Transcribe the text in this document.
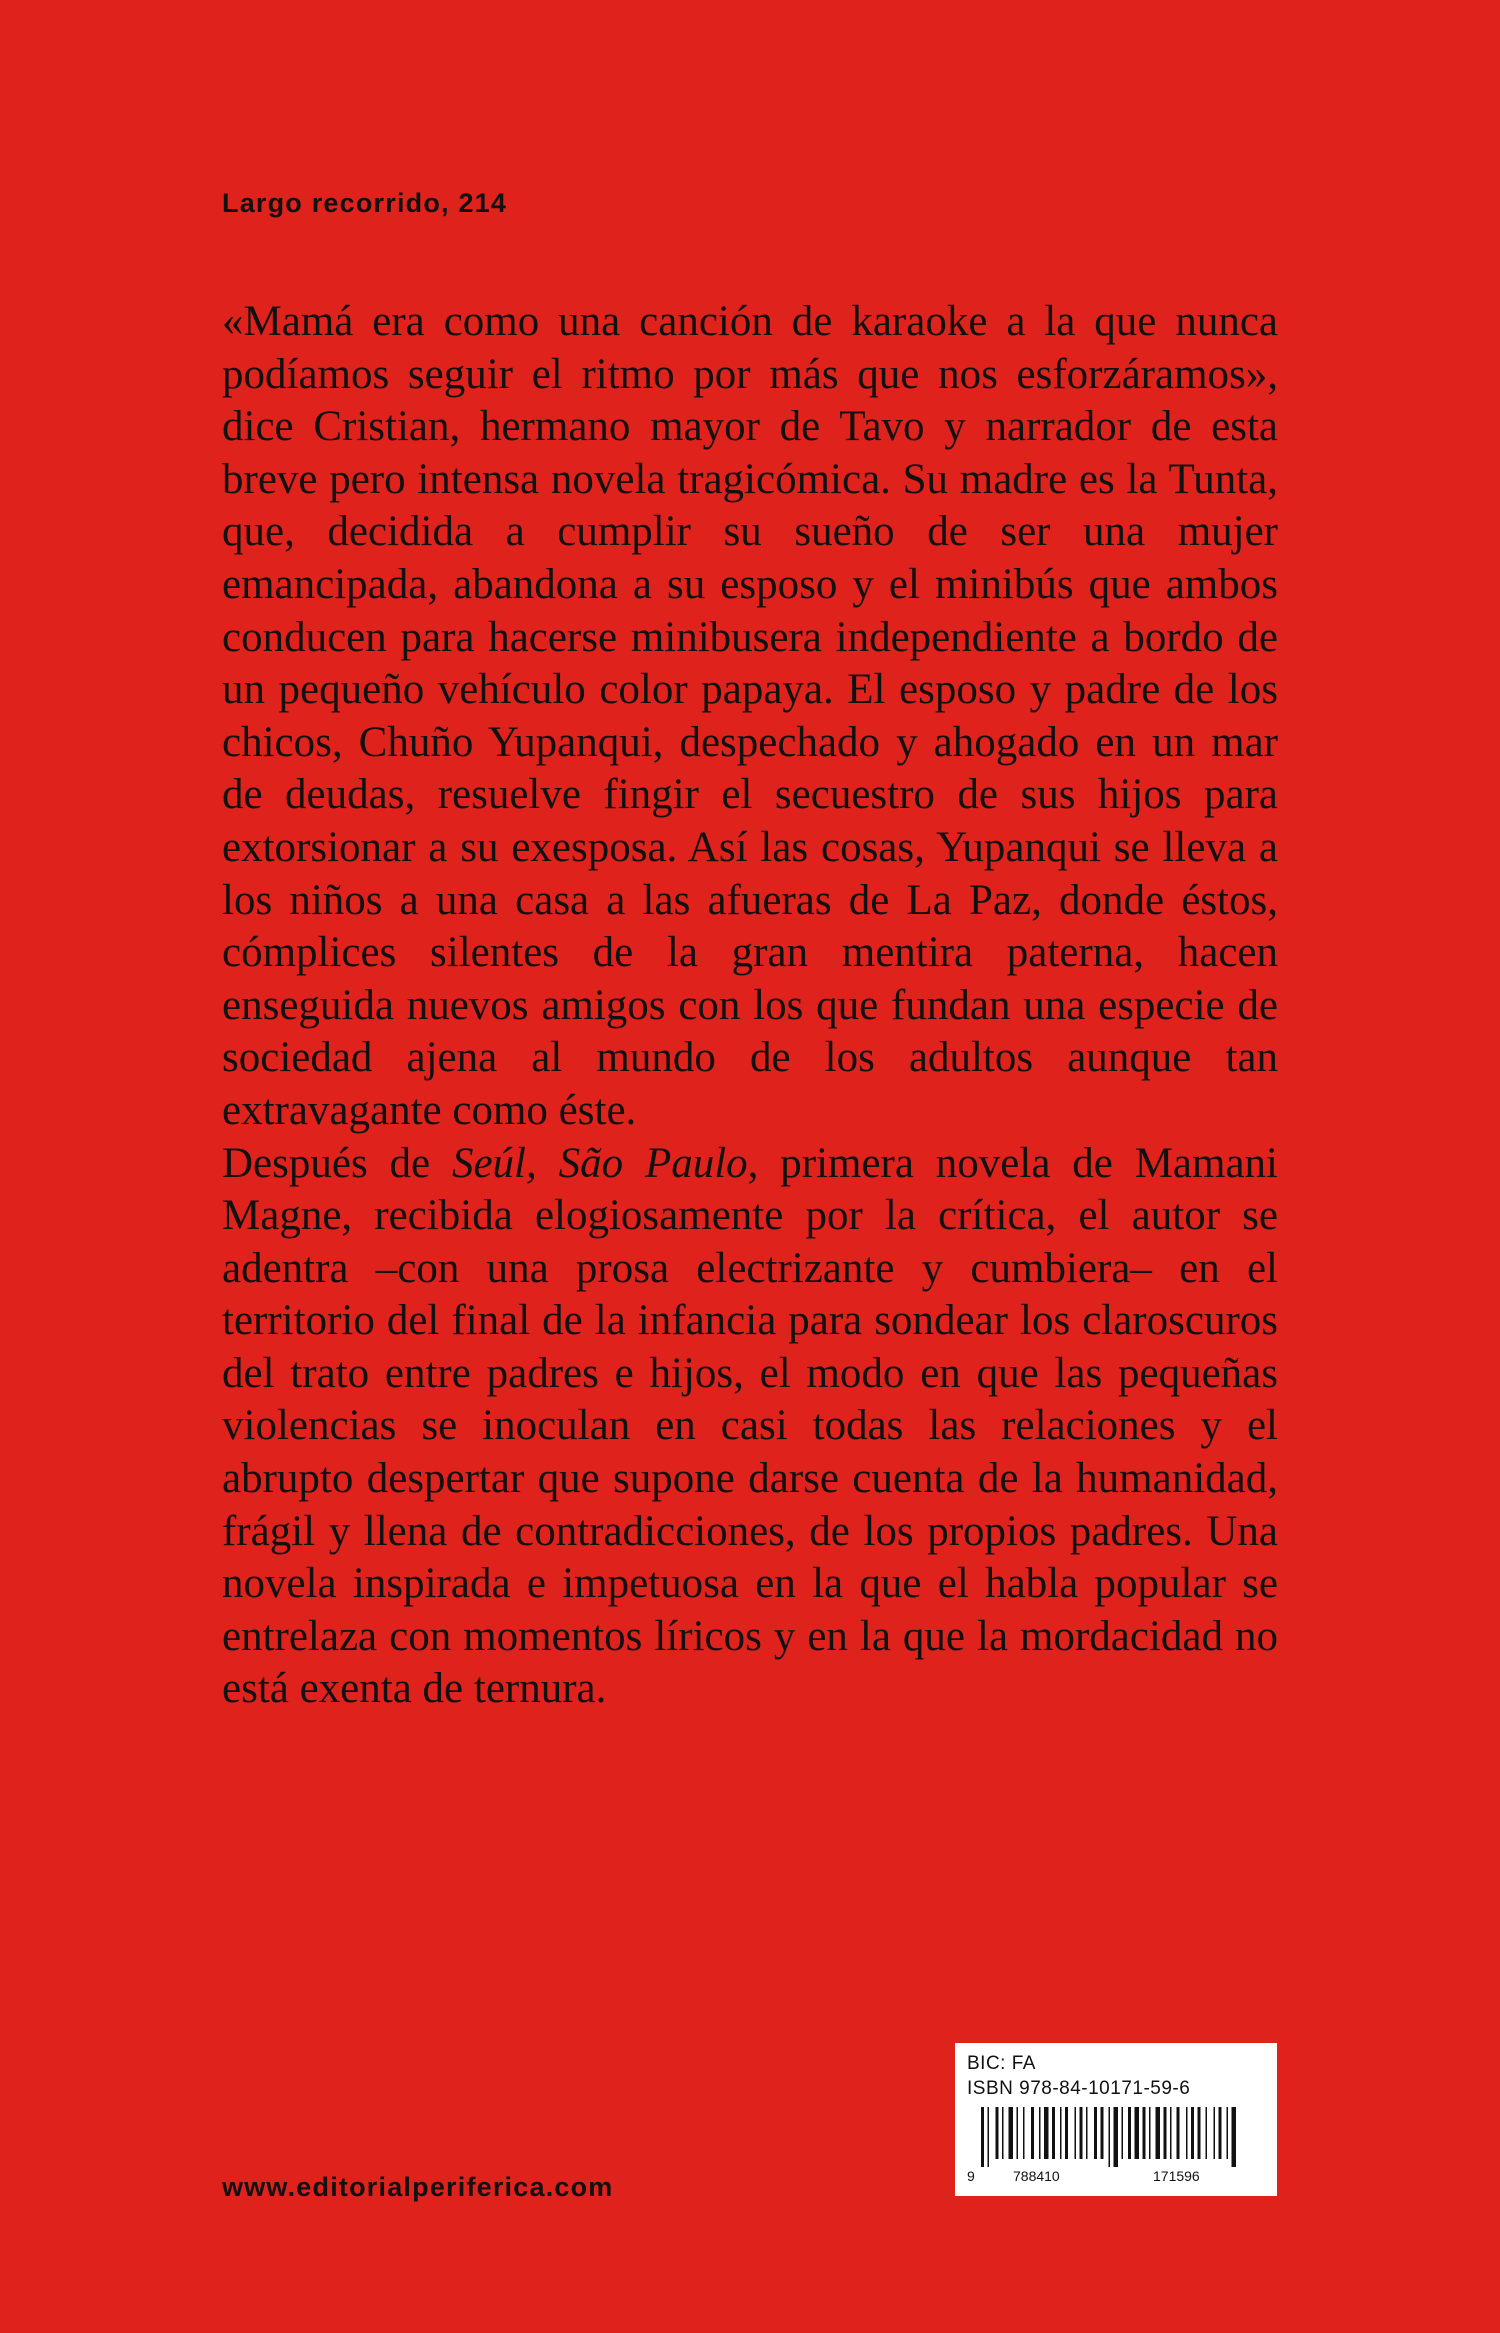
Largo recorrido, 214

«Mamá era como una canción de karaoke a la que nunca podíamos seguir el ritmo por más que nos esforzáramos», dice Cristian, hermano mayor de Tavo y narrador de esta breve pero intensa novela tragicómica. Su madre es la Tunta, que, decidida a cumplir su sueño de ser una mujer emancipada, abandona a su esposo y el minibús que ambos conducen para hacerse minibusera independiente a bordo de un pequeño vehículo color papaya. El esposo y padre de los chicos, Chuño Yupanqui, despechado y ahogado en un mar de deudas, resuelve fingir el secuestro de sus hijos para extorsionar a su exesposa. Así las cosas, Yupanqui se lleva a los niños a una casa a las afueras de La Paz, donde éstos, cómplices silentes de la gran mentira paterna, hacen enseguida nuevos amigos con los que fundan una especie de sociedad ajena al mundo de los adultos aunque tan extravagante como éste.

Después de Seúl, São Paulo, primera novela de Mamani Magne, recibida elogiosamente por la crítica, el autor se adentra –con una prosa electrizante y cumbiera– en el territorio del final de la infancia para sondear los claroscuros del trato entre padres e hijos, el modo en que las pequeñas violencias se inoculan en casi todas las relaciones y el abrupto despertar que supone darse cuenta de la humanidad, frágil y llena de contradicciones, de los propios padres. Una novela inspirada e impetuosa en la que el habla popular se entrelaza con momentos líricos y en la que la mordacidad no está exenta de ternura.

BIC: FA
ISBN 978-84-10171-59-6
9	788410	171596
www.editorialperiferica.com
